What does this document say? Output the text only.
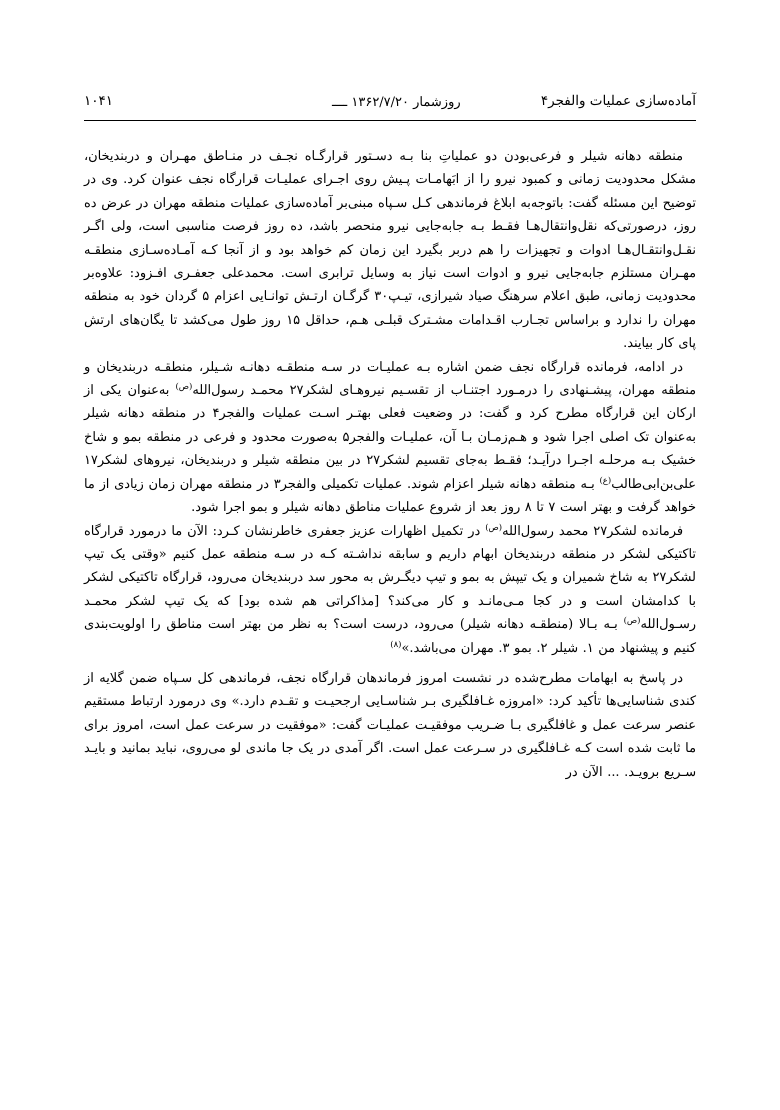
آماده‌سازی عملیات والفجر۴
روزشمار ۱۳۶۲/۷/۲۰ ــــ
۱۰۴۱

منطقه دهانه شیلر و فرعی‌بودن دو عملیاتِ بنا بـه دسـتور قرارگـاه نجـف در منـاطق مهـران و دربندیخان، مشکل محدودیت زمانی و کمبود نیرو را از ابَهامـات پـیش روی اجـرای عملیـات قرارگاه نجف عنوان کرد. وی در توضیح این مسئله گفت: باتوجه‌به ابلاغ فرماندهی کـل سـپاه مبنی‌بر آماده‌سازی عملیات منطقه مهران در عرض ده روز، درصورتی‌که نقل‌وانتقال‌هـا فقـط بـه جابه‌جایی نیرو منحصر باشد، ده روز فرصت مناسبی است، ولی اگـر نقـل‌وانتقـال‌هـا ادوات و تجهیزات را هم دربر بگیرد این زمان کم خواهد بود و از آنجا کـه آمـاده‌سـازی منطقـه مهـران مستلزم جابه‌جایی نیرو و ادوات است نیاز به وسایل ترابری است. محمدعلی جعفـری افـزود: علاوه‌بر محدودیت زمانی، طبق اعلام سرهنگ صیاد شیرازی، تیـپ۳۰ گرگـان ارتـش توانـایی اعزام ۵ گردان خود به منطقه مهران را ندارد و براساس تجـارب اقـدامات مشـترک قبلـی هـم، حداقل ۱۵ روز طول می‌کشد تا یگان‌های ارتش پای کار بیایند.

در ادامه، فرمانده قرارگاه نجف ضمن اشاره بـه عملیـات در سـه منطقـه دهانـه شـیلر، منطقـه دربندیخان و منطقه مهران، پیشـنهادی را درمـورد اجتنـاب از تقسـیم نیروهـای لشکر۲۷ محمـد رسول‌الله$^{(ص)}$ به‌عنوان یکی از ارکان این قرارگاه مطرح کرد و گفت: در وضعیت فعلی بهتـر اسـت عملیات والفجر۴ در منطقه دهانه شیلر به‌عنوان تک اصلی اجرا شود و هـم‌زمـان بـا آن، عملیـات والفجر۵ به‌صورت محدود و فرعی در منطقه بمو و شاخ خشیک بـه مرحلـه اجـرا درآیـد؛ فقـط به‌جای تقسیم لشکر۲۷ در بین منطقه شیلر و دربندیخان، نیروهای لشکر۱۷ علی‌بن‌ابی‌طالب$^{(ع)}$ بـه منطقه دهانه شیلر اعزام شوند. عملیات تکمیلی والفجر۳ در منطقه مهران زمان زیادی از ما خواهد گرفت و بهتر است ۷ تا ۸ روز بعد از شروع عملیات مناطق دهانه شیلر و بمو اجرا شود.

فرمانده لشکر۲۷ محمد رسول‌الله$^{(ص)}$ در تکمیل اظهارات عزیز جعفری خاطرنشان کـرد: الآن ما درمورد قرارگاه تاکتیکی لشکر در منطقه دربندیخان ابهام داریم و سابقه نداشـته کـه در سـه منطقه عمل کنیم «وقتی یک تیپ لشکر۲۷ به شاخ شمیران و یک تیپش به بمو و تیپ دیگـرش به محور سد دربندیخان می‌رود، قرارگاه تاکتیکی لشکر با کدامشان است و در کجا مـی‌مانـد و کار می‌کند؟ [مذاکراتی هم شده بود] که یک تیپ لشکر محمـد رسـول‌الله$^{(ص)}$ بـه بـالا (منطقـه دهانه شیلر) می‌رود، درست است؟ به نظر من بهتر است مناطق را اولویت‌بندی کنیم و پیشنهاد من ۱. شیلر ۲. بمو ۳. مهران می‌باشد.»$^{(۸)}$

در پاسخ به ابهامات مطرح‌شده در نشست امروز فرماندهان قرارگاه نجف، فرماندهی کل سـپاه ضمن گلایه از کندی شناسایی‌ها تأکید کرد: «امروزه غـافلگیری بـر شناسـایی ارجحیـت و تقـدم دارد.» وی درمورد ارتباط مستقیم عنصر سرعت عمل و غافلگیری بـا ضـریب موفقیـت عملیـات گفت: «موفقیت در سرعت عمل است، امروز برای ما ثابت شده است کـه غـافلگیری در سـرعت عمل است. اگر آمدی در یک جا ماندی لو می‌روی، نباید بمانید و بایـد سـریع برویـد. ... الآن در
